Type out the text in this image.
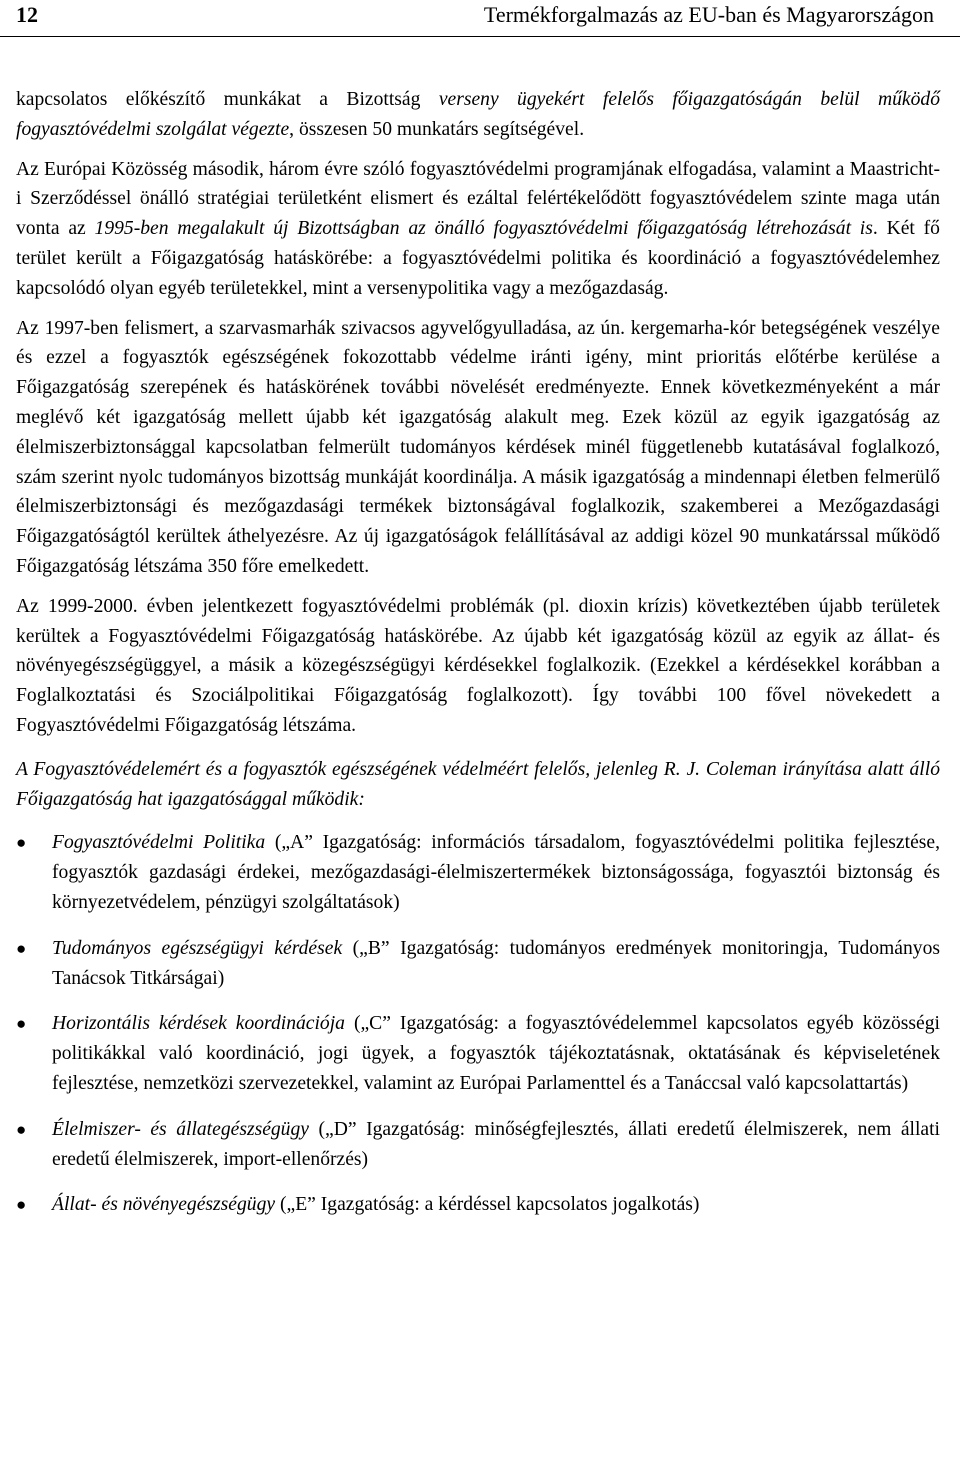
12	Termékforgalmazás az EU-ban és Magyarországon

kapcsolatos előkészítő munkákat a Bizottság verseny ügyekért felelős főigazgatóságán belül működő fogyasztóvédelmi szolgálat végezte, összesen 50 munkatárs segítségével.

Az Európai Közösség második, három évre szóló fogyasztóvédelmi programjának elfogadása, valamint a Maastricht-i Szerződéssel önálló stratégiai területként elismert és ezáltal felértékelődött fogyasztóvédelem szinte maga után vonta az 1995-ben megalakult új Bizottságban az önálló fogyasztóvédelmi főigazgatóság létrehozását is. Két fő terület került a Főigazgatóság hatáskörébe: a fogyasztóvédelmi politika és koordináció a fogyasztóvédelemhez kapcsolódó olyan egyéb területekkel, mint a versenypolitika vagy a mezőgazdaság.

Az 1997-ben felismert, a szarvasmarhák szivacsos agyvelőgyulladása, az ún. kergemarha-kór betegségének veszélye és ezzel a fogyasztók egészségének fokozottabb védelme iránti igény, mint prioritás előtérbe kerülése a Főigazgatóság szerepének és hatáskörének további növelését eredményezte. Ennek következményeként a már meglévő két igazgatóság mellett újabb két igazgatóság alakult meg. Ezek közül az egyik igazgatóság az élelmiszerbiztonsággal kapcsolatban felmerült tudományos kérdések minél függetlenebb kutatásával foglalkozó, szám szerint nyolc tudományos bizottság munkáját koordinálja. A másik igazgatóság a mindennapi életben felmerülő élelmiszerbiztonsági és mezőgazdasági termékek biztonságával foglalkozik, szakemberei a Mezőgazdasági Főigazgatóságtól kerültek áthelyezésre. Az új igazgatóságok felállításával az addigi közel 90 munkatárssal működő Főigazgatóság létszáma 350 főre emelkedett.

Az 1999-2000. évben jelentkezett fogyasztóvédelmi problémák (pl. dioxin krízis) következtében újabb területek kerültek a Fogyasztóvédelmi Főigazgatóság hatáskörébe. Az újabb két igazgatóság közül az egyik az állat- és növényegészségüggyel, a másik a közegészségügyi kérdésekkel foglalkozik. (Ezekkel a kérdésekkel korábban a Foglalkoztatási és Szociálpolitikai Főigazgatóság foglalkozott). Így további 100 fővel növekedett a Fogyasztóvédelmi Főigazgatóság létszáma.

A Fogyasztóvédelemért és a fogyasztók egészségének védelméért felelős, jelenleg R. J. Coleman irányítása alatt álló Főigazgatóság hat igazgatósággal működik:

● Fogyasztóvédelmi Politika („A” Igazgatóság: információs társadalom, fogyasztóvédelmi politika fejlesztése, fogyasztók gazdasági érdekei, mezőgazdasági-élelmiszertermékek biztonságossága, fogyasztói biztonság és környezetvédelem, pénzügyi szolgáltatások)
● Tudományos egészségügyi kérdések („B” Igazgatóság: tudományos eredmények monitoringja, Tudományos Tanácsok Titkárságai)
● Horizontális kérdések koordinációja („C” Igazgatóság: a fogyasztóvédelemmel kapcsolatos egyéb közösségi politikákkal való koordináció, jogi ügyek, a fogyasztók tájékoztatásnak, oktatásának és képviseletének fejlesztése, nemzetközi szervezetekkel, valamint az Európai Parlamenttel és a Tanáccsal való kapcsolattartás)
● Élelmiszer- és állategészségügy („D” Igazgatóság: minőségfejlesztés, állati eredetű élelmiszerek, nem állati eredetű élelmiszerek, import-ellenőrzés)
● Állat- és növényegészségügy („E” Igazgatóság: a kérdéssel kapcsolatos jogalkotás)
